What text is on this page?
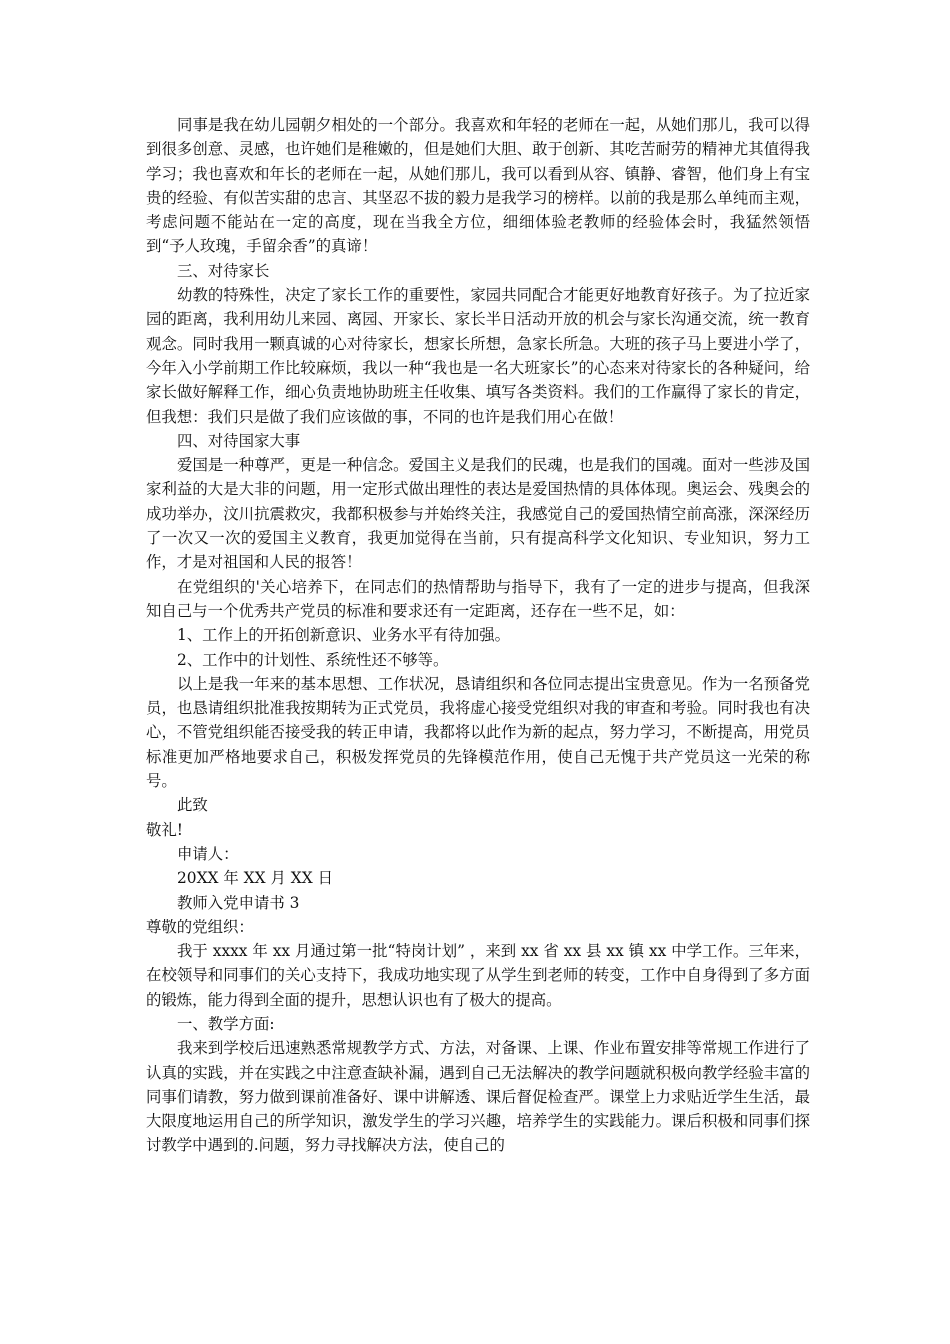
同事是我在幼儿园朝夕相处的一个部分。我喜欢和年轻的老师在一起，从她们那儿，我可以得到很多创意、灵感，也许她们是稚嫩的，但是她们大胆、敢于创新、其吃苦耐劳的精神尤其值得我学习；我也喜欢和年长的老师在一起，从她们那儿，我可以看到从容、镇静、睿智，他们身上有宝贵的经验、有似苦实甜的忠言、其坚忍不拔的毅力是我学习的榜样。以前的我是那么单纯而主观，考虑问题不能站在一定的高度，现在当我全方位，细细体验老教师的经验体会时，我猛然领悟到“予人玫瑰，手留余香”的真谛！

三、对待家长

幼教的特殊性，决定了家长工作的重要性，家园共同配合才能更好地教育好孩子。为了拉近家园的距离，我利用幼儿来园、离园、开家长、家长半日活动开放的机会与家长沟通交流，统一教育观念。同时我用一颗真诚的心对待家长，想家长所想，急家长所急。大班的孩子马上要进小学了，今年入小学前期工作比较麻烦，我以一种“我也是一名大班家长”的心态来对待家长的各种疑问，给家长做好解释工作，细心负责地协助班主任收集、填写各类资料。我们的工作赢得了家长的肯定，但我想：我们只是做了我们应该做的事，不同的也许是我们用心在做！

四、对待国家大事

爱国是一种尊严，更是一种信念。爱国主义是我们的民魂，也是我们的国魂。面对一些涉及国家利益的大是大非的问题，用一定形式做出理性的表达是爱国热情的具体体现。奥运会、残奥会的成功举办，汶川抗震救灾，我都积极参与并始终关注，我感觉自己的爱国热情空前高涨，深深经历了一次又一次的爱国主义教育，我更加觉得在当前，只有提高科学文化知识、专业知识，努力工作，才是对祖国和人民的报答！

在党组织的'关心培养下，在同志们的热情帮助与指导下，我有了一定的进步与提高，但我深知自己与一个优秀共产党员的标准和要求还有一定距离，还存在一些不足，如：

1、工作上的开拓创新意识、业务水平有待加强。

2、工作中的计划性、系统性还不够等。

以上是我一年来的基本思想、工作状况，恳请组织和各位同志提出宝贵意见。作为一名预备党员，也恳请组织批准我按期转为正式党员，我将虚心接受党组织对我的审查和考验。同时我也有决心，不管党组织能否接受我的转正申请，我都将以此作为新的起点，努力学习，不断提高，用党员标准更加严格地要求自己，积极发挥党员的先锋模范作用，使自己无愧于共产党员这一光荣的称号。

此致

敬礼!

申请人：

20XX 年 XX 月 XX 日

教师入党申请书 3

尊敬的党组织：

我于 xxxx 年 xx 月通过第一批“特岗计划” ，来到 xx 省 xx 县 xx 镇 xx 中学工作。三年来，在校领导和同事们的关心支持下，我成功地实现了从学生到老师的转变，工作中自身得到了多方面的锻炼，能力得到全面的提升，思想认识也有了极大的提高。

一、教学方面:

我来到学校后迅速熟悉常规教学方式、方法，对备课、上课、作业布置安排等常规工作进行了认真的实践，并在实践之中注意查缺补漏，遇到自己无法解决的教学问题就积极向教学经验丰富的同事们请教，努力做到课前准备好、课中讲解透、课后督促检查严。课堂上力求贴近学生生活，最大限度地运用自己的所学知识，激发学生的学习兴趣，培养学生的实践能力。课后积极和同事们探讨教学中遇到的.问题，努力寻找解决方法，使自己的
